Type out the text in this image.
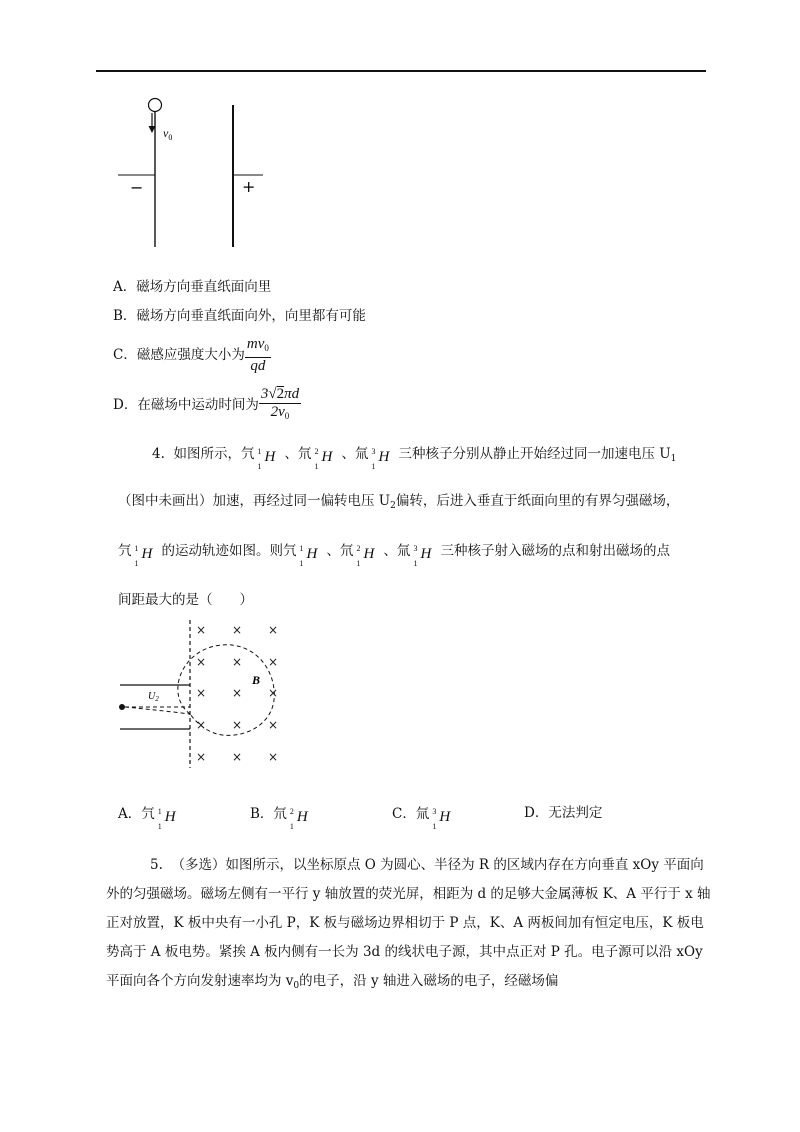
$v_0$
−	+
A．磁场方向垂直纸面向里
B．磁场方向垂直纸面向外，向里都有可能
C．磁感应强度大小为 $\frac{mv_0}{qd}$
D．在磁场中运动时间为 $\frac{3 √ 2 \pi d}{2v_0}$
4. 如图所示，氕 1
1
H 、氘 2
1
H 、氚 3
1
H 三种核子分别从静止开始经过同一加速电压 $U_1$
（图中未画出）加速，再经过同一偏转电压 $U_2$偏转，后进入垂直于纸面向里的有界匀强磁场，
氕 1
1
H 的运动轨迹如图。则氕 1
1
H 、氘 2
1
H 、氚 3
1
H 三种核子射入磁场的点和射出磁场的点
间距最大的是（　　）
$U_2$
B
× × ×
× × ×
× × ×
× × ×
× × ×
A．氕 1
1
H	B．氘 2
1
H	C．氚 3
1
H	D．无法判定
5. （多选）如图所示，以坐标原点 O 为圆心、半径为 R 的区域内存在方向垂直 xOy 平面向外的匀强磁场。磁场左侧有一平行 y 轴放置的荧光屏，相距为 d 的足够大金属薄板 K、A 平行于 x 轴正对放置，K 板中央有一小孔 P，K 板与磁场边界相切于 P 点，K、A 两板间加有恒定电压，K 板电势高于 A 板电势。紧挨 A 板内侧有一长为 3d 的线状电子源，其中点正对 P 孔。电子源可以沿 xOy 平面向各个方向发射速率均为 $v_0$的电子，沿 y 轴进入磁场的电子，经磁场偏
